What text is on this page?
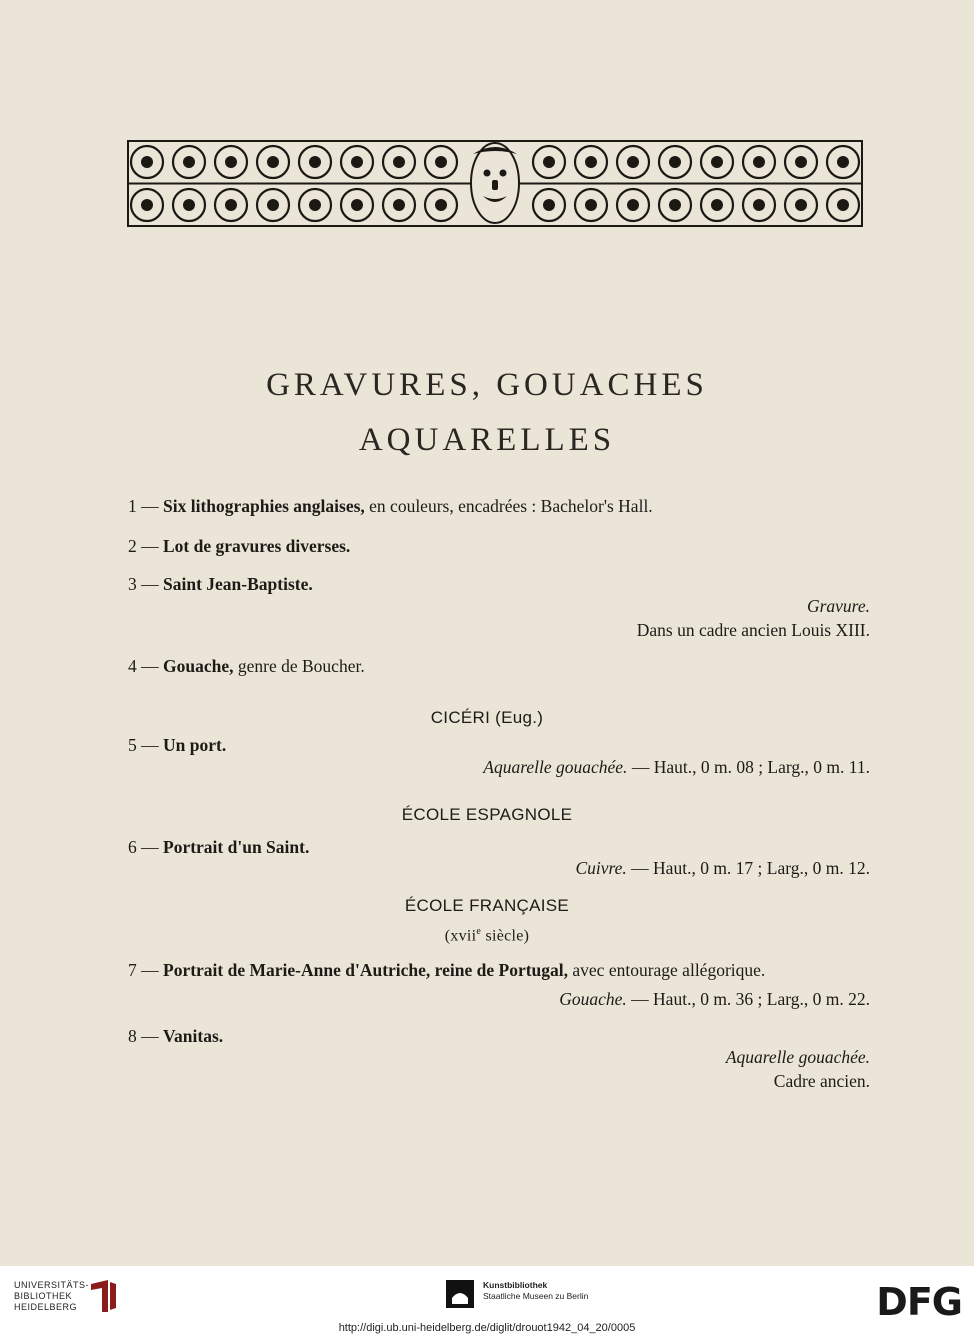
GRAVURES, GOUACHES
AQUARELLES
1 — Six lithographies anglaises, en couleurs, encadrées : Bachelor's Hall.
2 — Lot de gravures diverses.
3 — Saint Jean-Baptiste.
Gravure.
Dans un cadre ancien Louis XIII.
4 — Gouache, genre de Boucher.
CICÉRI (Eug.)
5 — Un port.
Aquarelle gouachée. — Haut., 0 m. 08 ; Larg., 0 m. 11.
ÉCOLE ESPAGNOLE
6 — Portrait d'un Saint.
Cuivre. — Haut., 0 m. 17 ; Larg., 0 m. 12.
ÉCOLE FRANÇAISE
(xvii$^e$ siècle)
7 — Portrait de Marie-Anne d'Autriche, reine de Portugal, avec entourage allégorique.
Gouache. — Haut., 0 m. 36 ; Larg., 0 m. 22.
8 — Vanitas.
Aquarelle gouachée.
Cadre ancien.
UNIVERSITÄTS-
BIBLIOTHEK
HEIDELBERG
Kunstbibliothek
Staatliche Museen zu Berlin	DFG
http://digi.ub.uni-heidelberg.de/diglit/drouot1942_04_20/0005
